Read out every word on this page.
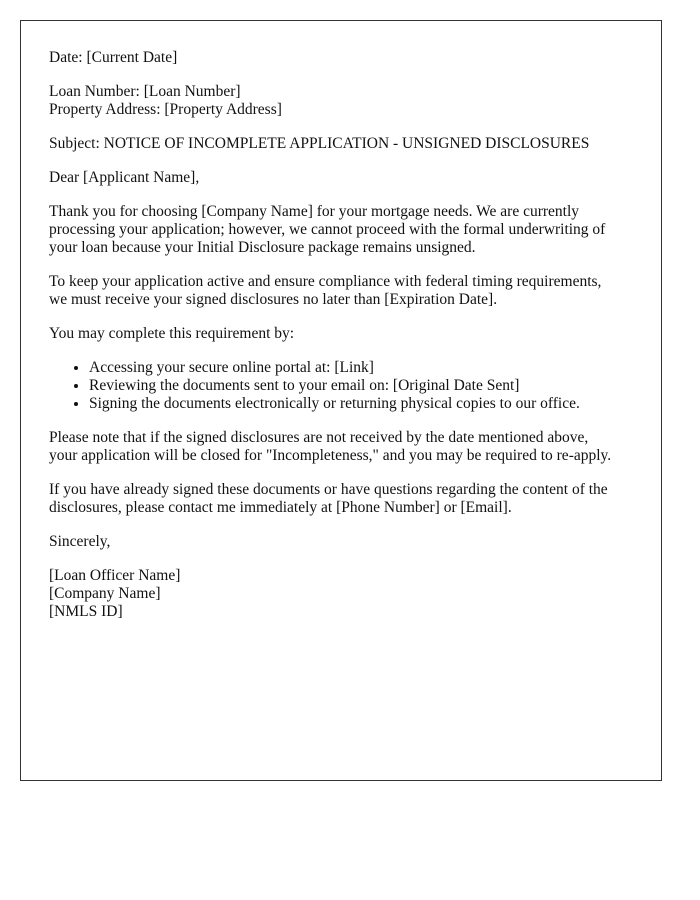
Date: [Current Date]

Loan Number: [Loan Number]
Property Address: [Property Address]

Subject: NOTICE OF INCOMPLETE APPLICATION - UNSIGNED DISCLOSURES

Dear [Applicant Name],

Thank you for choosing [Company Name] for your mortgage needs. We are currently
processing your application; however, we cannot proceed with the formal underwriting of
your loan because your Initial Disclosure package remains unsigned.

To keep your application active and ensure compliance with federal timing requirements,
we must receive your signed disclosures no later than [Expiration Date].

You may complete this requirement by:

• Accessing your secure online portal at: [Link]
• Reviewing the documents sent to your email on: [Original Date Sent]
• Signing the documents electronically or returning physical copies to our office.

Please note that if the signed disclosures are not received by the date mentioned above,
your application will be closed for "Incompleteness," and you may be required to re-apply.

If you have already signed these documents or have questions regarding the content of the
disclosures, please contact me immediately at [Phone Number] or [Email].

Sincerely,

[Loan Officer Name]
[Company Name]
[NMLS ID]
